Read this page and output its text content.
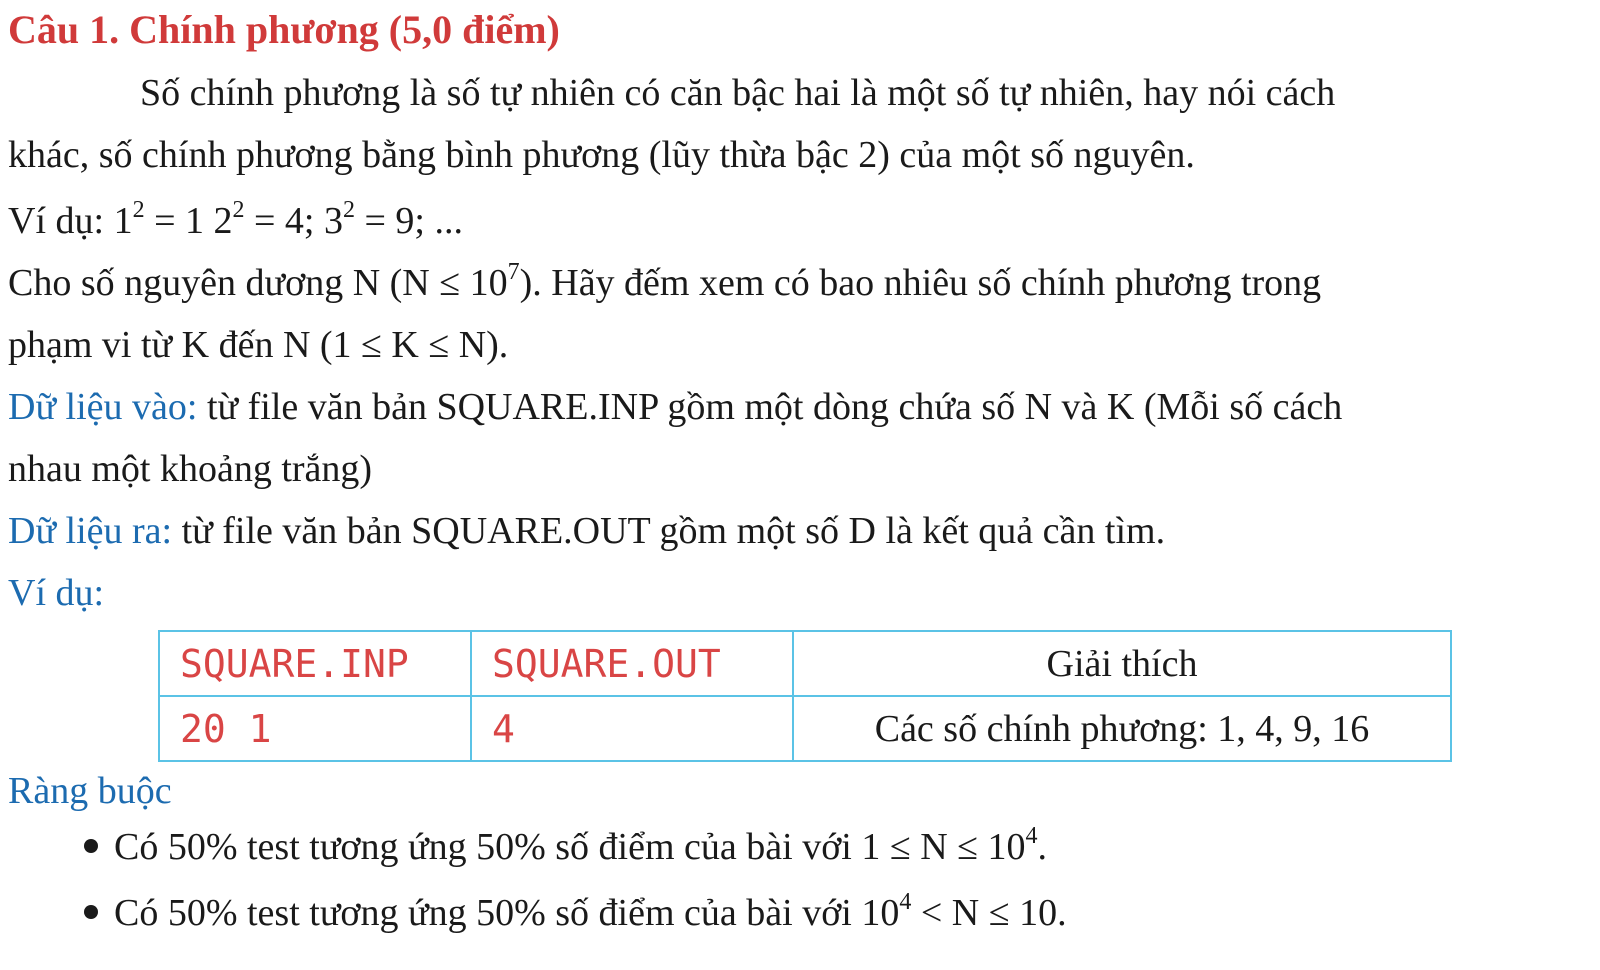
Câu 1. Chính phương (5,0 điểm)
Số chính phương là số tự nhiên có căn bậc hai là một số tự nhiên, hay nói cách
khác, số chính phương bằng bình phương (lũy thừa bậc 2) của một số nguyên.
Ví dụ: $1^2 = 1$ $2^2 = 4$; $3^2 = 9$; ...
Cho số nguyên dương N $(N \le 10^7)$. Hãy đếm xem có bao nhiêu số chính phương trong
phạm vi từ K đến N (1 ≤ K ≤ N).
Dữ liệu vào: từ file văn bản SQUARE.INP gồm một dòng chứa số N và K (Mỗi số cách
nhau một khoảng trắng)
Dữ liệu ra: từ file văn bản SQUARE.OUT gồm một số D là kết quả cần tìm.
Ví dụ:
SQUARE.INP	SQUARE.OUT	Giải thích
20 1	4	Các số chính phương: 1, 4, 9, 16
Ràng buộc
Có 50% test tương ứng 50% số điểm của bài với $1 \le N \le 10^4$.
Có 50% test tương ứng 50% số điểm của bài với $10^4 < N \le 10$.
